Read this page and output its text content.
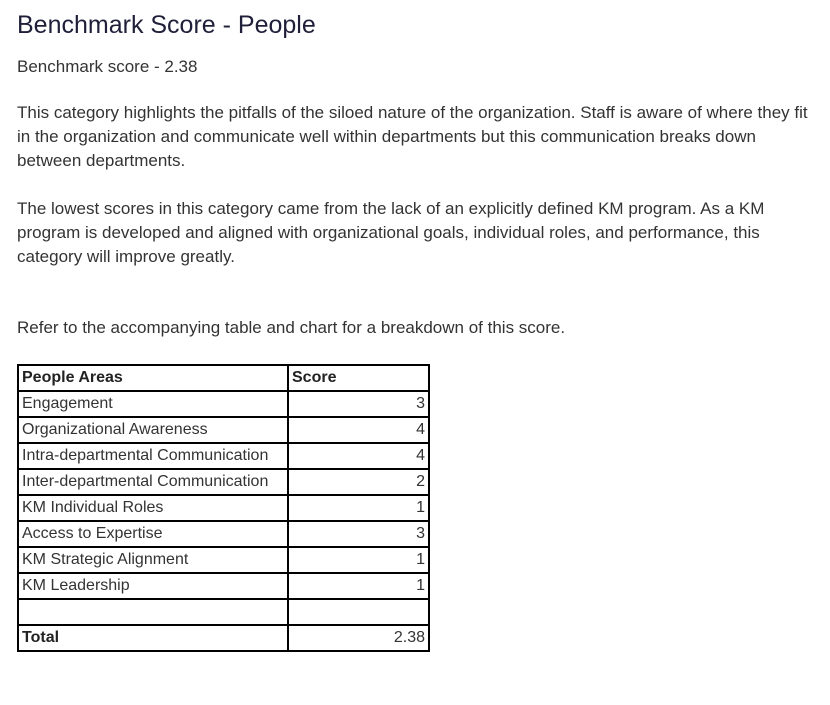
Benchmark Score - People
Benchmark score - 2.38

This category highlights the pitfalls of the siloed nature of the organization. Staff is aware of where they fit in the organization and communicate well within departments but this communication breaks down between departments.

The lowest scores in this category came from the lack of an explicitly defined KM program. As a KM program is developed and aligned with organizational goals, individual roles, and performance, this category will improve greatly.

Refer to the accompanying table and chart for a breakdown of this score.

People Areas	Score
Engagement	3
Organizational Awareness	4
Intra-departmental Communication	4
Inter-departmental Communication	2
KM Individual Roles	1
Access to Expertise	3
KM Strategic Alignment	1
KM Leadership	1

Total	2.38
